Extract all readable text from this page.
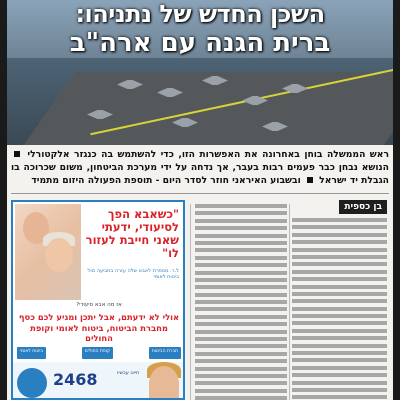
השכן החדש של נתניהו:
ברית הגנה עם ארה"ב
ראש הממשלה בוחן באחרונה את האפשרות הזו, כדי להשתמש בה כנגזר אלקטורלי  הנושא נבחן כבר פעמים רבות בעבר, אך נדחה על ידי מערכת הביטחון, משום שכרוכה בו הגבלת יד ישראל  ובשבוע האיראני חוזר לסדר היום - תוספת הפעולה היזום מתמיד
בן כספית
"כשאבא הפך לסיעודי, ידעתי שאני חייבת לעזור לו"
ל.ר. מספרת לאבא שלה עזרה בתביעה מול ביטוח לאומי
אז מה אבא סיעודי?
אולי לא ידעתם, אבל יתכן ומגיע לכם כסף מחברת הביטוח, ביטוח לאומי וקופת החולים
חברת הביטוח
קופת החולים
ביטוח לאומי
2468	חייגו עכשיו
